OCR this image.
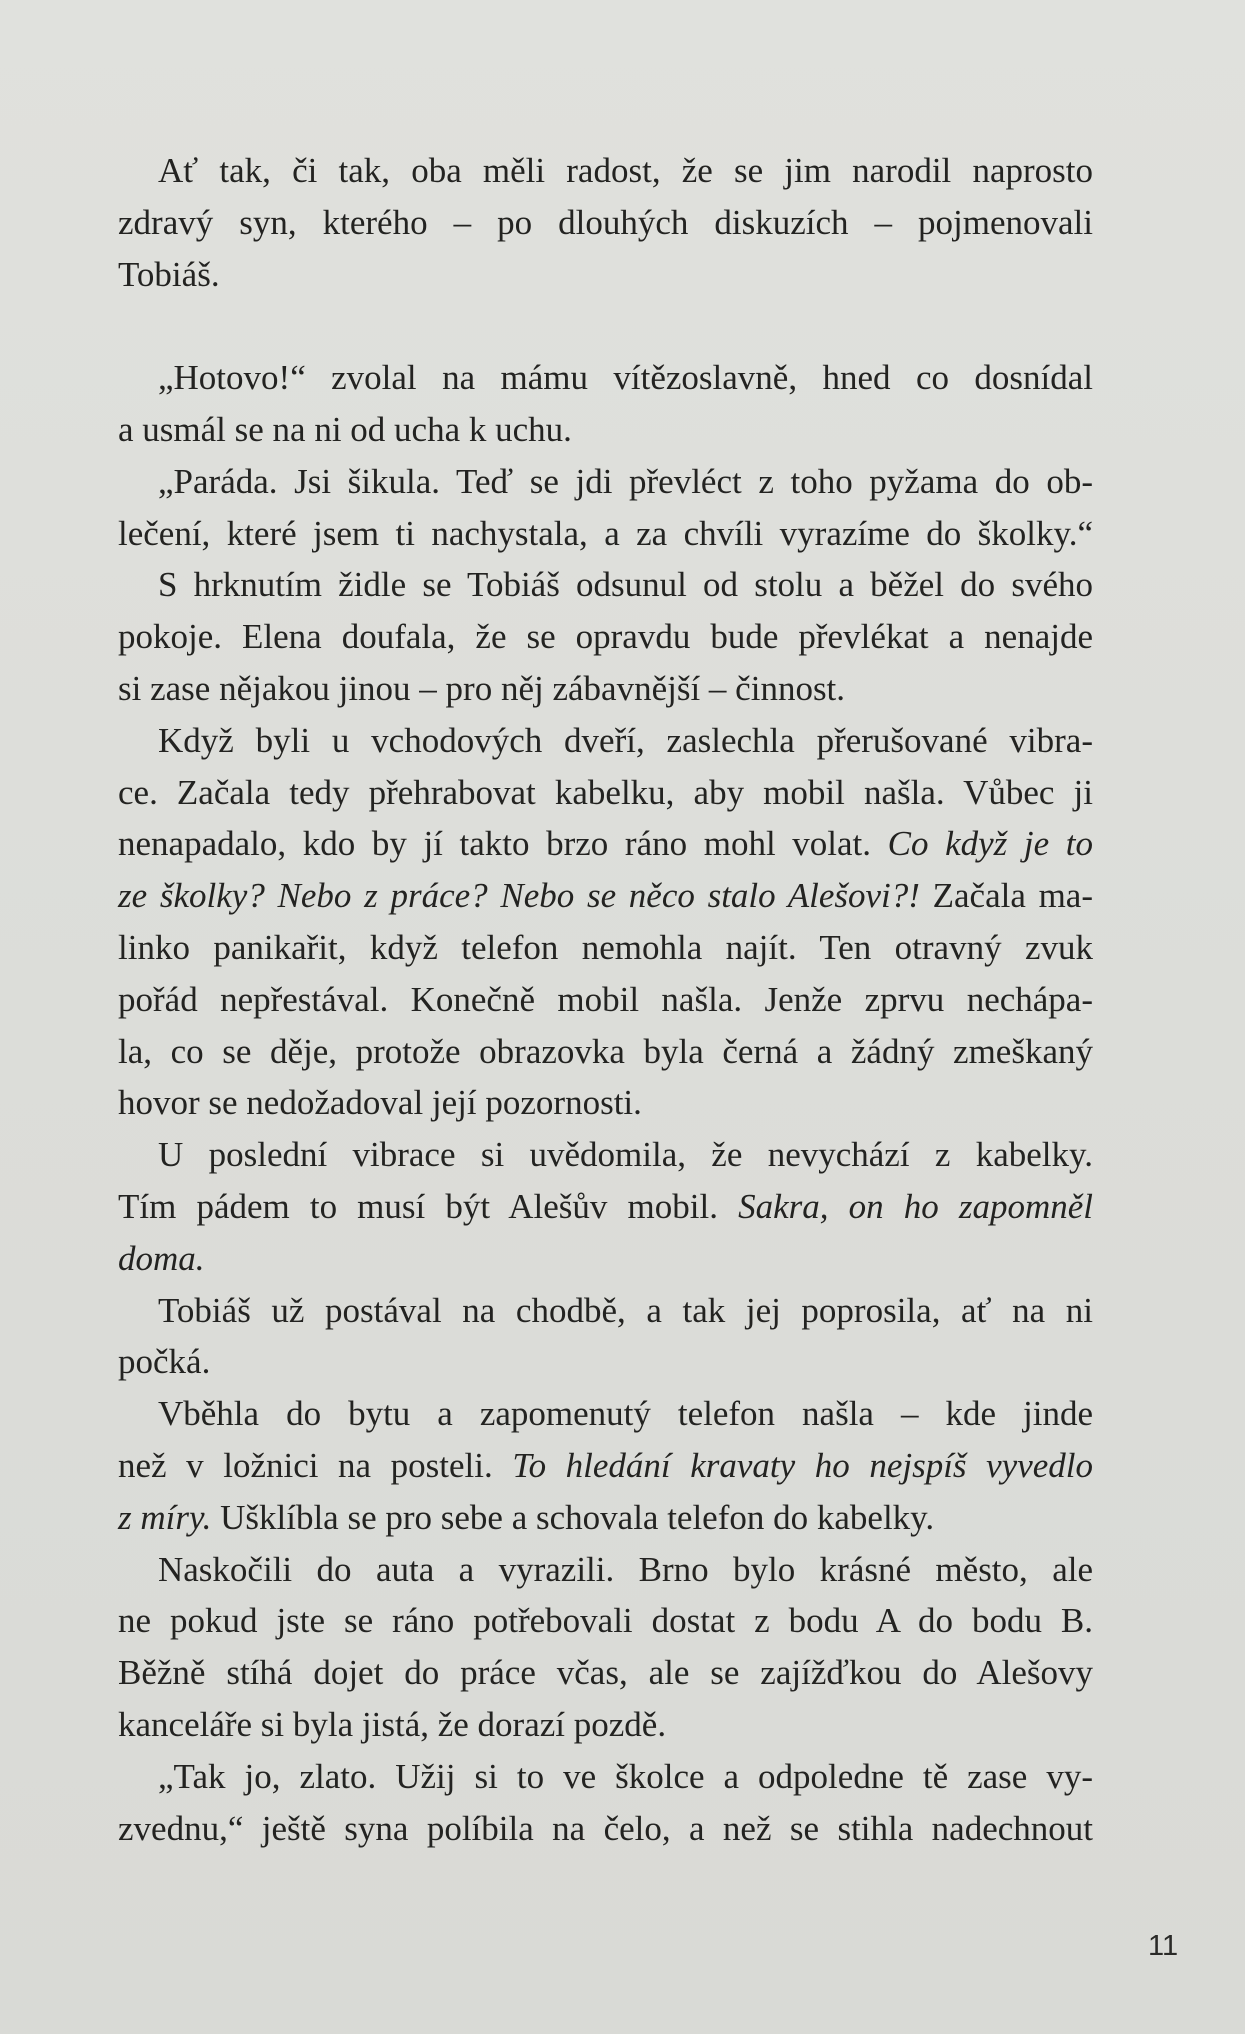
Ať tak, či tak, oba měli radost, že se jim narodil naprosto
zdravý syn, kterého – po dlouhých diskuzích – pojmenovali
Tobiáš.
„Hotovo!“ zvolal na mámu vítězoslavně, hned co dosnídal
a usmál se na ni od ucha k uchu.
„Paráda. Jsi šikula. Teď se jdi převléct z toho pyžama do ob-
lečení, které jsem ti nachystala, a za chvíli vyrazíme do školky.“
S hrknutím židle se Tobiáš odsunul od stolu a běžel do svého
pokoje. Elena doufala, že se opravdu bude převlékat a nenajde
si zase nějakou jinou – pro něj zábavnější – činnost.
Když byli u vchodových dveří, zaslechla přerušované vibra-
ce. Začala tedy přehrabovat kabelku, aby mobil našla. Vůbec ji
nenapadalo, kdo by jí takto brzo ráno mohl volat. Co když je to
ze školky? Nebo z práce? Nebo se něco stalo Alešovi?! Začala ma-
linko panikařit, když telefon nemohla najít. Ten otravný zvuk
pořád nepřestával. Konečně mobil našla. Jenže zprvu nechápa-
la, co se děje, protože obrazovka byla černá a žádný zmeškaný
hovor se nedožadoval její pozornosti.
U poslední vibrace si uvědomila, že nevychází z kabelky.
Tím pádem to musí být Alešův mobil. Sakra, on ho zapomněl
doma.
Tobiáš už postával na chodbě, a tak jej poprosila, ať na ni
počká.
Vběhla do bytu a zapomenutý telefon našla – kde jinde
než v ložnici na posteli. To hledání kravaty ho nejspíš vyvedlo
z míry. Ušklíbla se pro sebe a schovala telefon do kabelky.
Naskočili do auta a vyrazili. Brno bylo krásné město, ale
ne pokud jste se ráno potřebovali dostat z bodu A do bodu B.
Běžně stíhá dojet do práce včas, ale se zajížďkou do Alešovy
kanceláře si byla jistá, že dorazí pozdě.
„Tak jo, zlato. Užij si to ve školce a odpoledne tě zase vy-
zvednu,“ ještě syna políbila na čelo, a než se stihla nadechnout
11
